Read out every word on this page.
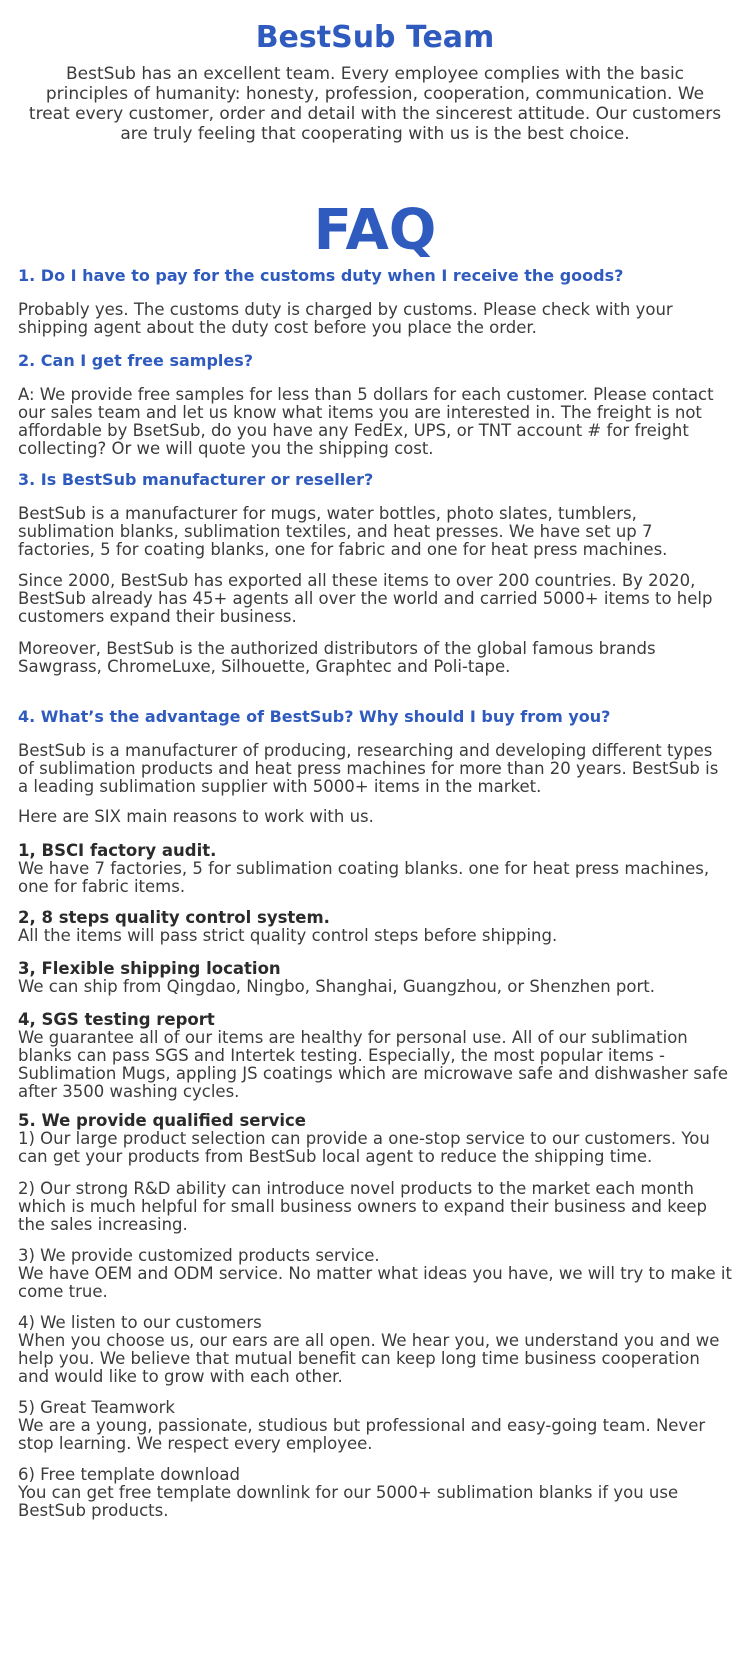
BestSub Team

BestSub has an excellent team. Every employee complies with the basic principles of humanity: honesty, profession, cooperation, communication. We treat every customer, order and detail with the sincerest attitude. Our customers are truly feeling that cooperating with us is the best choice.

FAQ

1. Do I have to pay for the customs duty when I receive the goods?

Probably yes. The customs duty is charged by customs. Please check with your shipping agent about the duty cost before you place the order.

2. Can I get free samples?

A: We provide free samples for less than 5 dollars for each customer. Please contact our sales team and let us know what items you are interested in. The freight is not affordable by BsetSub, do you have any FedEx, UPS, or TNT account # for freight collecting? Or we will quote you the shipping cost.

3. Is BestSub manufacturer or reseller?

BestSub is a manufacturer for mugs, water bottles, photo slates, tumblers, sublimation blanks, sublimation textiles, and heat presses. We have set up 7 factories, 5 for coating blanks, one for fabric and one for heat press machines.

Since 2000, BestSub has exported all these items to over 200 countries. By 2020, BestSub already has 45+ agents all over the world and carried 5000+ items to help customers expand their business.

Moreover, BestSub is the authorized distributors of the global famous brands Sawgrass, ChromeLuxe, Silhouette, Graphtec and Poli-tape.

4. What’s the advantage of BestSub? Why should I buy from you?

BestSub is a manufacturer of producing, researching and developing different types of sublimation products and heat press machines for more than 20 years. BestSub is a leading sublimation supplier with 5000+ items in the market.

Here are SIX main reasons to work with us.

1, BSCI factory audit.
We have 7 factories, 5 for sublimation coating blanks. one for heat press machines, one for fabric items.
2, 8 steps quality control system.
All the items will pass strict quality control steps before shipping.
3, Flexible shipping location
We can ship from Qingdao, Ningbo, Shanghai, Guangzhou, or Shenzhen port.
4, SGS testing report
We guarantee all of our items are healthy for personal use. All of our sublimation blanks can pass SGS and Intertek testing. Especially, the most popular items - Sublimation Mugs, appling JS coatings which are microwave safe and dishwasher safe after 3500 washing cycles.
5. We provide qualified service
1) Our large product selection can provide a one-stop service to our customers. You can get your products from BestSub local agent to reduce the shipping time.

2) Our strong R&D ability can introduce novel products to the market each month which is much helpful for small business owners to expand their business and keep the sales increasing.

3) We provide customized products service.
We have OEM and ODM service. No matter what ideas you have, we will try to make it come true.
4) We listen to our customers
When you choose us, our ears are all open. We hear you, we understand you and we help you. We believe that mutual benefit can keep long time business cooperation and would like to grow with each other.
5) Great Teamwork
We are a young, passionate, studious but professional and easy-going team. Never stop learning. We respect every employee.
6) Free template download
You can get free template downlink for our 5000+ sublimation blanks if you use BestSub products.
